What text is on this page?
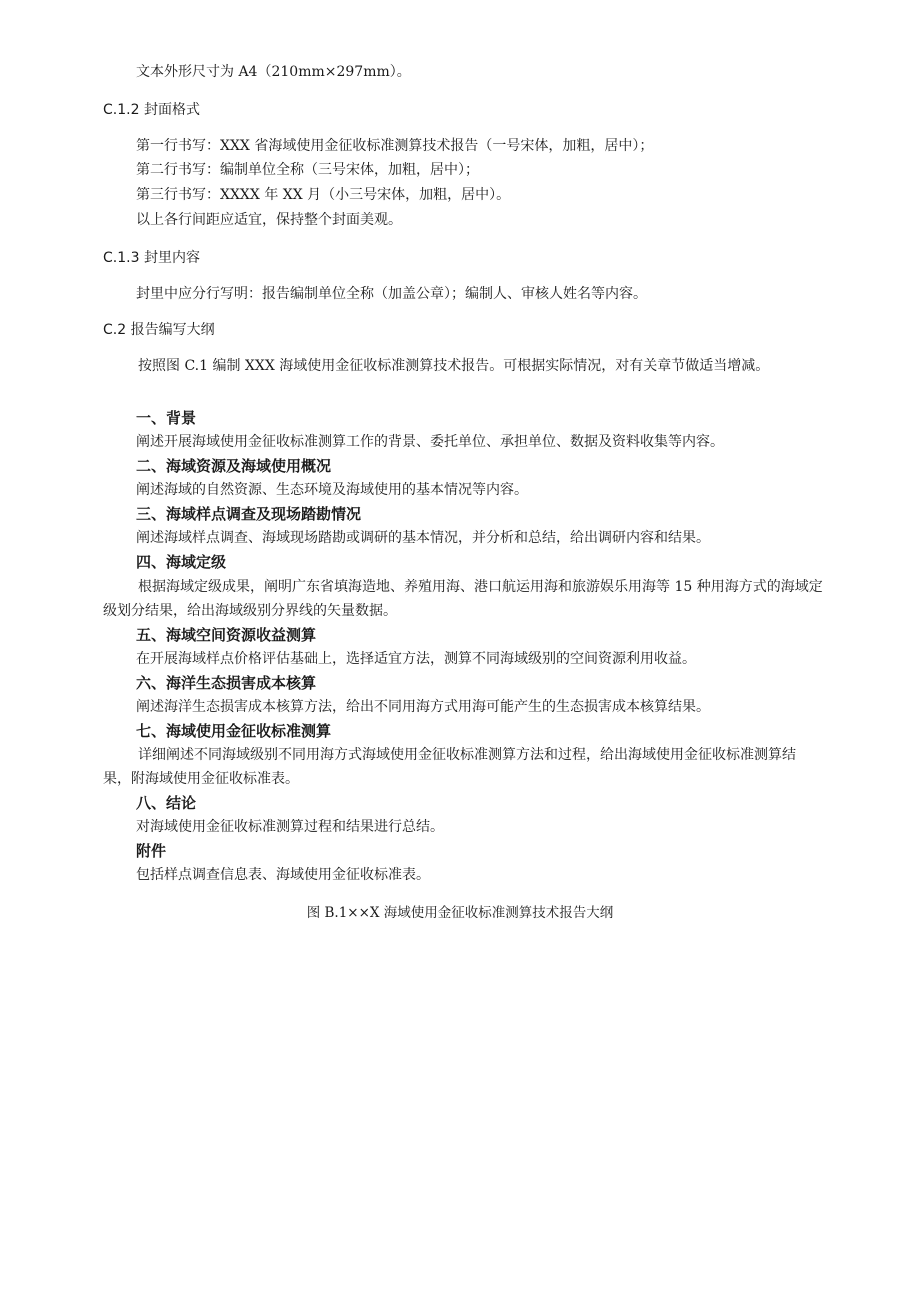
文本外形尺寸为 A4（210mm×297mm）。
C.1.2 封面格式
第一行书写：XXX 省海域使用金征收标准测算技术报告（一号宋体，加粗，居中）；
第二行书写：编制单位全称（三号宋体，加粗，居中）；
第三行书写：XXXX 年 XX 月（小三号宋体，加粗，居中）。
以上各行间距应适宜，保持整个封面美观。
C.1.3 封里内容
封里中应分行写明：报告编制单位全称（加盖公章）；编制人、审核人姓名等内容。
C.2 报告编写大纲
按照图 C.1 编制 XXX 海域使用金征收标准测算技术报告。可根据实际情况，对有关章节做适当增减。
一、背景
阐述开展海域使用金征收标准测算工作的背景、委托单位、承担单位、数据及资料收集等内容。
二、海域资源及海域使用概况
阐述海域的自然资源、生态环境及海域使用的基本情况等内容。
三、海域样点调查及现场踏勘情况
阐述海域样点调查、海域现场踏勘或调研的基本情况，并分析和总结，给出调研内容和结果。
四、海域定级
根据海域定级成果，阐明广东省填海造地、养殖用海、港口航运用海和旅游娱乐用海等 15 种用海方式的海域定
级划分结果，给出海域级别分界线的矢量数据。
五、海域空间资源收益测算
在开展海域样点价格评估基础上，选择适宜方法，测算不同海域级别的空间资源利用收益。
六、海洋生态损害成本核算
阐述海洋生态损害成本核算方法，给出不同用海方式用海可能产生的生态损害成本核算结果。
七、海域使用金征收标准测算
详细阐述不同海域级别不同用海方式海域使用金征收标准测算方法和过程，给出海域使用金征收标准测算结
果，附海域使用金征收标准表。
八、结论
对海域使用金征收标准测算过程和结果进行总结。
附件
包括样点调查信息表、海域使用金征收标准表。
图 B.1××X 海域使用金征收标准测算技术报告大纲
